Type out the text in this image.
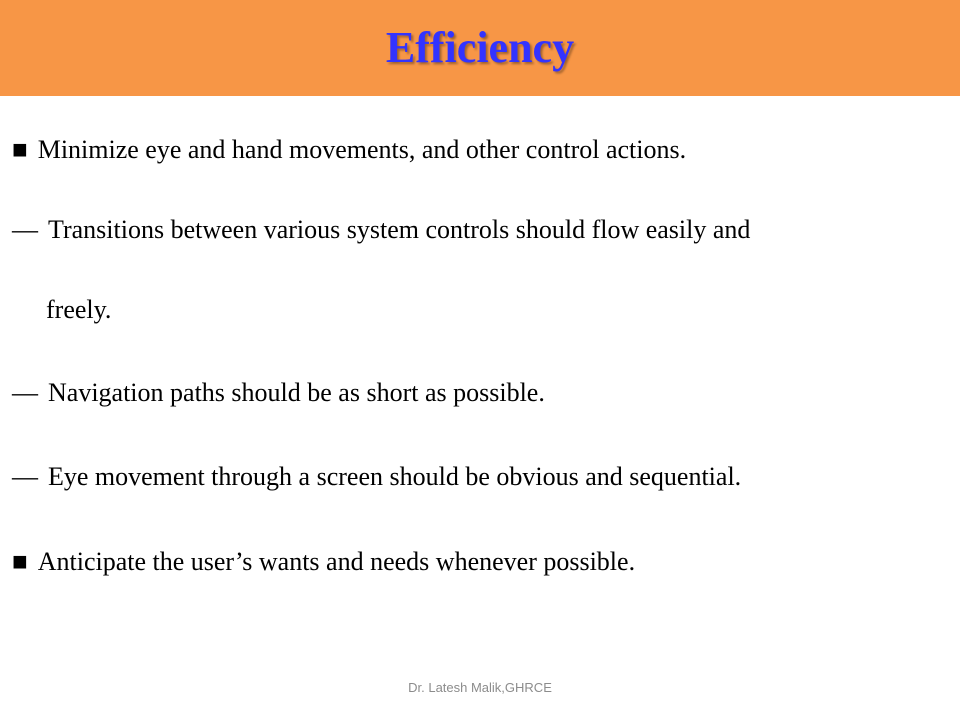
Efficiency
■ Minimize eye and hand movements, and other control actions.
— Transitions between various system controls should flow easily and
freely.
— Navigation paths should be as short as possible.
— Eye movement through a screen should be obvious and sequential.
■ Anticipate the user’s wants and needs whenever possible.
Dr. Latesh Malik,GHRCE
